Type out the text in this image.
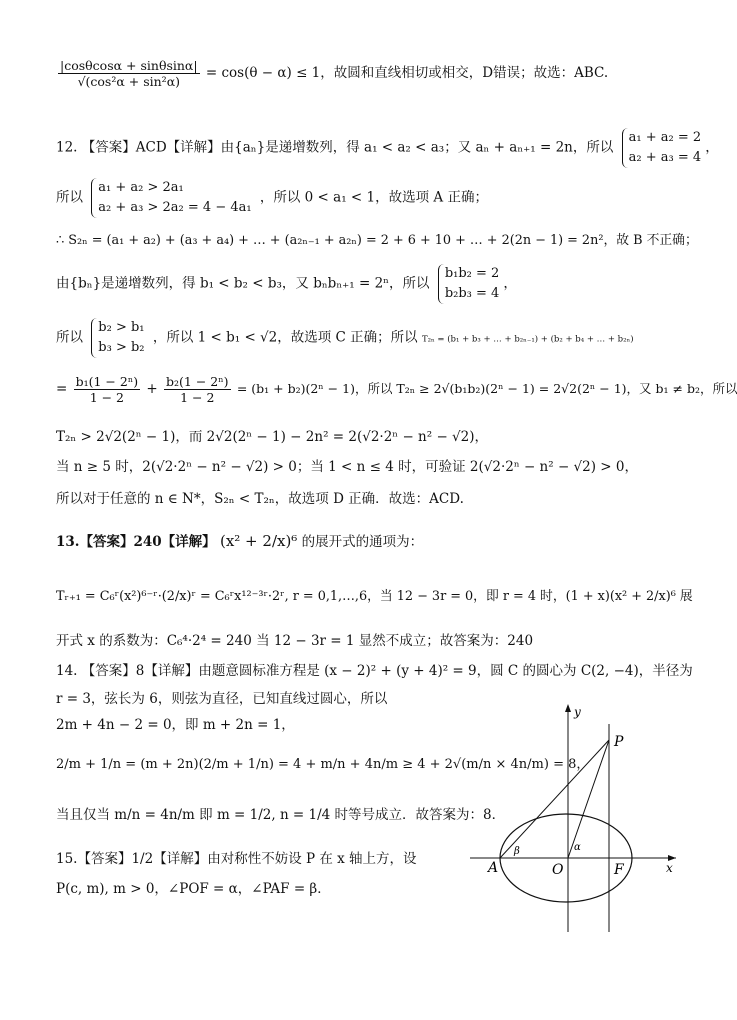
$\frac{|\cos\theta\cos\alpha + \sin\theta\sin\alpha|}{\text{√(cos²α + sin²α)}} = \cos(\theta - \alpha) \le 1$，故圆和直线相切或相交，D错误；故选：ABC.
12. 【答案】ACD【详解】由{aₙ}是递增数列，得 a₁ < a₂ < a₃；又 aₙ + aₙ₊₁ = 2n，所以
a₁ + a₂ = 2
a₂ + a₃ = 4
，
所以
a₁ + a₂ > 2a₁
a₂ + a₃ > 2a₂ = 4 − 4a₁
，所以 0 < a₁ < 1，故选项 A 正确；
∴ S₂ₙ = (a₁ + a₂) + (a₃ + a₄) + … + (a₂ₙ₋₁ + a₂ₙ) = 2 + 6 + 10 + … + 2(2n − 1) = 2n²，故 B 不正确；
由{bₙ}是递增数列，得 b₁ < b₂ < b₃，又 bₙbₙ₊₁ = 2ⁿ，所以
b₁b₂ = 2
b₂b₃ = 4
，
所以
b₂ > b₁
b₃ > b₂
，所以 1 < b₁ < √2，故选项 C 正确；所以 T₂ₙ = (b₁ + b₃ + … + b₂ₙ₋₁) + (b₂ + b₄ + … + b₂ₙ)
= $\frac{\text{b₁(1 − 2ⁿ)}}{1 - 2} + \frac{\text{b₂(1 − 2ⁿ)}}{1 - 2} = (b_1 + b_2)(2^n - 1)$，所以 T₂ₙ ≥ 2√(b₁b₂)(2ⁿ − 1) = 2√2(2ⁿ − 1)，又 b₁ ≠ b₂，所以
T₂ₙ > 2√2(2ⁿ − 1)，而 2√2(2ⁿ − 1) − 2n² = 2(√2·2ⁿ − n² − √2)，
当 n ≥ 5 时，2(√2·2ⁿ − n² − √2) > 0；当 1 < n ≤ 4 时，可验证 2(√2·2ⁿ − n² − √2) > 0，
所以对于任意的 n ∈ N*，S₂ₙ < T₂ₙ，故选项 D 正确．故选：ACD.
13.【答案】240【详解】 (x² + 2/x)⁶ 的展开式的通项为：
Tᵣ₊₁ = C₆ʳ(x²)⁶⁻ʳ·(2/x)ʳ = C₆ʳx¹²⁻³ʳ·2ʳ, r = 0,1,…,6，当 12 − 3r = 0，即 r = 4 时，(1 + x)(x² + 2/x)⁶ 展
开式 x 的系数为：C₆⁴·2⁴ = 240 当 12 − 3r = 1 显然不成立；故答案为：240
14. 【答案】8【详解】由题意圆标准方程是 (x − 2)² + (y + 4)² = 9，圆 C 的圆心为 C(2, −4)，半径为
r = 3，弦长为 6，则弦为直径，已知直线过圆心，所以
2m + 4n − 2 = 0，即 m + 2n = 1，
2/m + 1/n = (m + 2n)(2/m + 1/n) = 4 + m/n + 4n/m ≥ 4 + 2√(m/n × 4n/m) = 8，
当且仅当 m/n = 4n/m 即 m = 1/2, n = 1/4 时等号成立．故答案为：8．
15.【答案】1/2【详解】由对称性不妨设 P 在 x 轴上方，设
P(c, m), m > 0，∠POF = α，∠PAF = β．
y
x
P
A	O	F
α
β
